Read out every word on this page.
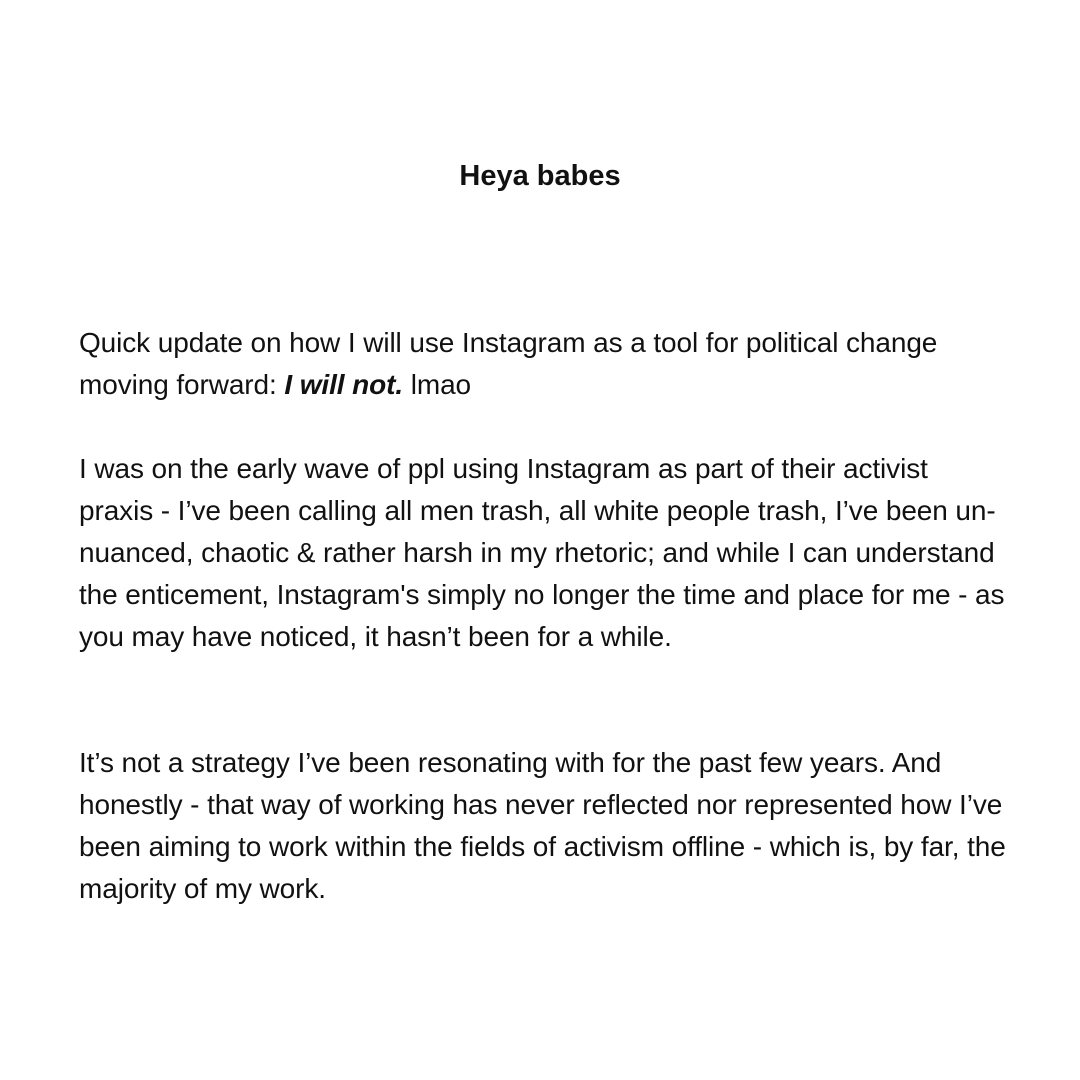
Heya babes

Quick update on how I will use Instagram as a tool for political change moving forward: I will not. lmao

I was on the early wave of ppl using Instagram as part of their activist praxis - I’ve been calling all men trash, all white people trash, I’ve been un-nuanced, chaotic & rather harsh in my rhetoric; and while I can understand the enticement, Instagram's simply no longer the time and place for me - as you may have noticed, it hasn’t been for a while.

It’s not a strategy I’ve been resonating with for the past few years. And honestly - that way of working has never reflected nor represented how I’ve been aiming to work within the fields of activism offline - which is, by far, the majority of my work.
